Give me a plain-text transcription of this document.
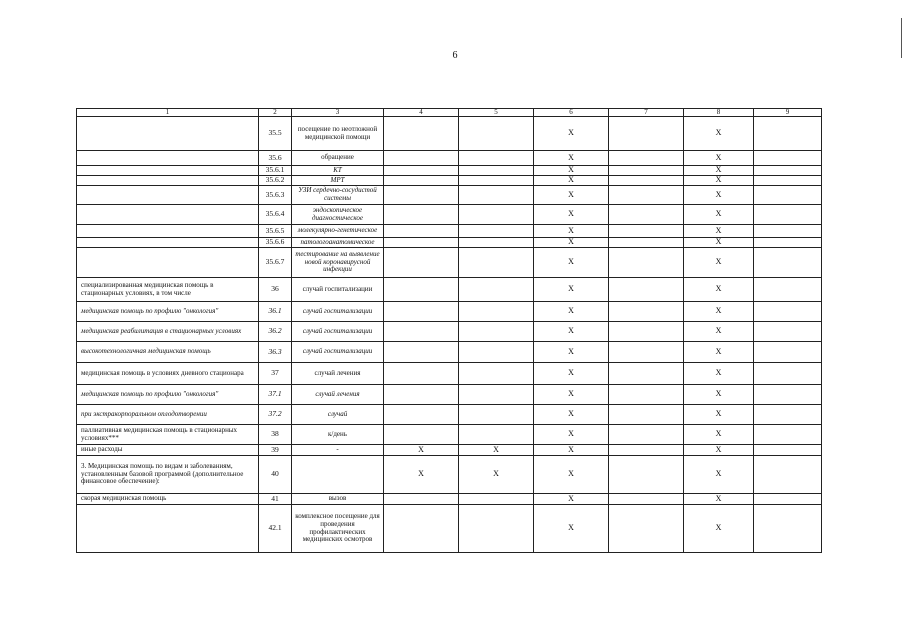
6
1	2	3	4	5	6	7	8	9	
	35.5	посещение по неотложной медицинской помощи			X		X		
	35.6	обращение			X		X		
	35.6.1	КТ			X		X		
	35.6.2	МРТ			X		X		
	35.6.3	УЗИ сердечно-сосудистой системы			X		X		
	35.6.4	эндоскопическое диагностическое			X		X		
	35.6.5	молекулярно-генетическое			X		X		
	35.6.6	патологоанатомическое			X		X		
	35.6.7	тестирование на выявление новой коронавирусной инфекции			X		X		
специализированная медицинская помощь в стационарных условиях, в том числе	36	случай госпитализации			X		X		
медицинская помощь по профилю "онкология"	36.1	случай госпитализации			X		X		
медицинская реабилитация в стационарных условиях	36.2	случай госпитализации			X		X		
высокотехнологичная медицинская помощь	36.3	случай госпитализации			X		X		
медицинская помощь в условиях дневного стационара	37	случай лечения			X		X		
медицинская помощь по профилю "онкология"	37.1	случай лечения			X		X		
при экстракорпоральном оплодотворении	37.2	случай			X		X		
паллиативная медицинская помощь в стационарных условиях***	38	к/день			X		X		
иные расходы	39	-	X	X	X		X		
3. Медицинская помощь по видам и заболеваниям, установленным базовой программой (дополнительное финансовое обеспечение):	40		X	X	X		X		
скорая медицинская помощь	41	вызов			X		X		
	42.1	комплексное посещение для проведения профилактических медицинских осмотров			X		X		
